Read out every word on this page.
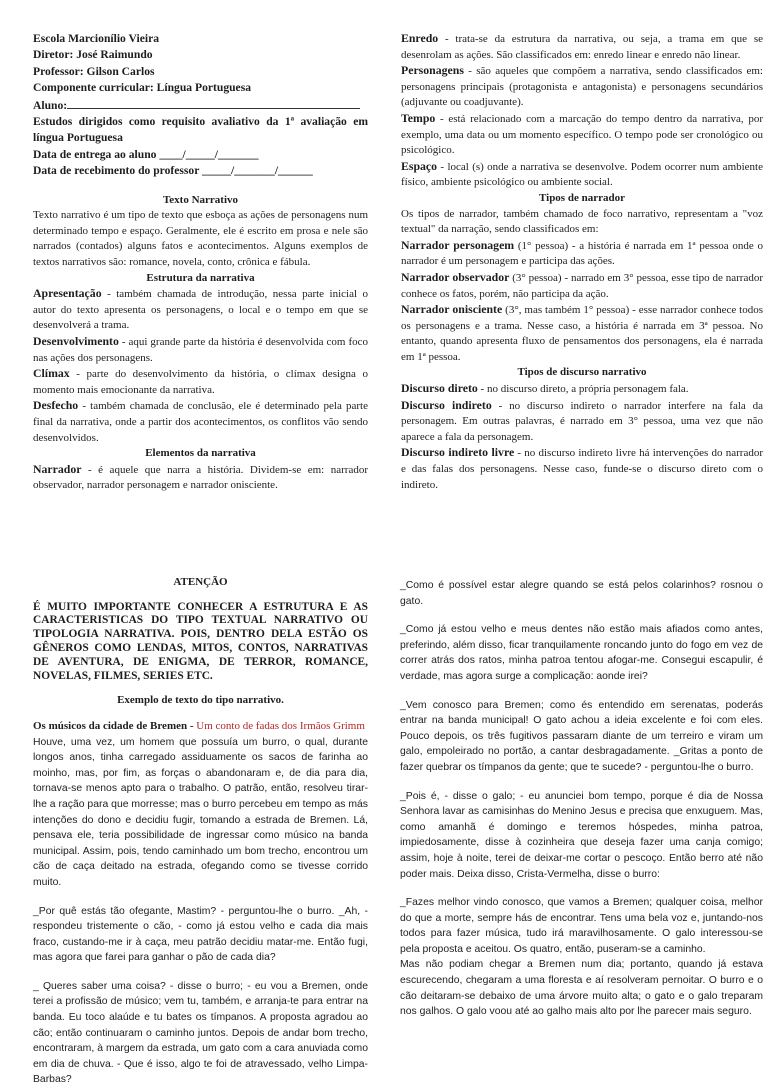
Escola Marcionílio Vieira
Diretor: José Raimundo
Professor: Gilson Carlos
Componente curricular: Língua Portuguesa
Aluno:
Estudos dirigidos como requisito avaliativo da 1ª avaliação em língua Portuguesa
Data de entrega ao aluno ____/_____/_______
Data de recebimento do professor _____/_______/______
Texto Narrativo

Texto narrativo é um tipo de texto que esboça as ações de personagens num determinado tempo e espaço. Geralmente, ele é escrito em prosa e nele são narrados (contados) alguns fatos e acontecimentos. Alguns exemplos de textos narrativos são: romance, novela, conto, crônica e fábula.

Estrutura da narrativa

Apresentação - também chamada de introdução, nessa parte inicial o autor do texto apresenta os personagens, o local e o tempo em que se desenvolverá a trama.

Desenvolvimento - aqui grande parte da história é desenvolvida com foco nas ações dos personagens.

Clímax - parte do desenvolvimento da história, o clímax designa o momento mais emocionante da narrativa.

Desfecho - também chamada de conclusão, ele é determinado pela parte final da narrativa, onde a partir dos acontecimentos, os conflitos vão sendo desenvolvidos.

Elementos da narrativa

Narrador - é aquele que narra a história. Dividem-se em: narrador observador, narrador personagem e narrador onisciente.

Enredo - trata-se da estrutura da narrativa, ou seja, a trama em que se desenrolam as ações. São classificados em: enredo linear e enredo não linear.

Personagens - são aqueles que compõem a narrativa, sendo classificados em: personagens principais (protagonista e antagonista) e personagens secundários (adjuvante ou coadjuvante).

Tempo - está relacionado com a marcação do tempo dentro da narrativa, por exemplo, uma data ou um momento específico. O tempo pode ser cronológico ou psicológico.

Espaço - local (s) onde a narrativa se desenvolve. Podem ocorrer num ambiente físico, ambiente psicológico ou ambiente social.

Tipos de narrador

Os tipos de narrador, também chamado de foco narrativo, representam a "voz textual" da narração, sendo classificados em:

Narrador personagem (1° pessoa) - a história é narrada em 1ª pessoa onde o narrador é um personagem e participa das ações.

Narrador observador (3° pessoa) - narrado em 3° pessoa, esse tipo de narrador conhece os fatos, porém, não participa da ação.

Narrador onisciente (3°, mas também 1° pessoa) - esse narrador conhece todos os personagens e a trama. Nesse caso, a história é narrada em 3ª pessoa. No entanto, quando apresenta fluxo de pensamentos dos personagens, ela é narrada em 1ª pessoa.

Tipos de discurso narrativo

Discurso direto - no discurso direto, a própria personagem fala.

Discurso indireto - no discurso indireto o narrador interfere na fala da personagem. Em outras palavras, é narrado em 3° pessoa, uma vez que não aparece a fala da personagem.

Discurso indireto livre - no discurso indireto livre há intervenções do narrador e das falas dos personagens. Nesse caso, funde-se o discurso direto com o indireto.

ATENÇÃO

É MUITO IMPORTANTE CONHECER A ESTRUTURA E AS CARACTERISTICAS DO TIPO TEXTUAL NARRATIVO OU TIPOLOGIA NARRATIVA. POIS, DENTRO DELA ESTÃO OS GÊNEROS COMO LENDAS, MITOS, CONTOS, NARRATIVAS DE AVENTURA, DE ENIGMA, DE TERROR, ROMANCE, NOVELAS, FILMES, SERIES ETC.

Exemplo de texto do tipo narrativo.

Os músicos da cidade de Bremen - Um conto de fadas dos Irmãos Grimm

Houve, uma vez, um homem que possuía um burro, o qual, durante longos anos, tinha carregado assiduamente os sacos de farinha ao moinho, mas, por fim, as forças o abandonaram e, de dia para dia, tornava-se menos apto para o trabalho. O patrão, então, resolveu tirar-lhe a ração para que morresse; mas o burro percebeu em tempo as más intenções do dono e decidiu fugir, tomando a estrada de Bremen. Lá, pensava ele, teria possibilidade de ingressar como músico na banda municipal. Assim, pois, tendo caminhado um bom trecho, encontrou um cão de caça deitado na estrada, ofegando como se tivesse corrido muito.

_Por quê estás tão ofegante, Mastim? - perguntou-lhe o burro. _Ah, - respondeu tristemente o cão, - como já estou velho e cada dia mais fraco, custando-me ir à caça, meu patrão decidiu matar-me. Então fugi, mas agora que farei para ganhar o pão de cada dia?

_ Queres saber uma coisa? - disse o burro; - eu vou a Bremen, onde terei a profissão de músico; vem tu, também, e arranja-te para entrar na banda. Eu toco alaúde e tu bates os tímpanos. A proposta agradou ao cão; então continuaram o caminho juntos. Depois de andar bom trecho, encontraram, à margem da estrada, um gato com a cara anuviada como em dia de chuva. - Que é isso, algo te foi de atravessado, velho Limpa-Barbas?

_Como é possível estar alegre quando se está pelos colarinhos? rosnou o gato.

_Como já estou velho e meus dentes não estão mais afiados como antes, preferindo, além disso, ficar tranquilamente roncando junto do fogo em vez de correr atrás dos ratos, minha patroa tentou afogar-me. Consegui escapulir, é verdade, mas agora surge a complicação: aonde irei?

_Vem conosco para Bremen; como és entendido em serenatas, poderás entrar na banda municipal! O gato achou a ideia excelente e foi com eles. Pouco depois, os três fugitivos passaram diante de um terreiro e viram um galo, empoleirado no portão, a cantar desbragadamente. _Gritas a ponto de fazer quebrar os tímpanos da gente; que te sucede? - perguntou-lhe o burro.

_Pois é, - disse o galo; - eu anunciei bom tempo, porque é dia de Nossa Senhora lavar as camisinhas do Menino Jesus e precisa que enxuguem. Mas, como amanhã é domingo e teremos hóspedes, minha patroa, impiedosamente, disse à cozinheira que deseja fazer uma canja comigo; assim, hoje à noite, terei de deixar-me cortar o pescoço. Então berro até não poder mais. Deixa disso, Crista-Vermelha, disse o burro:

_Fazes melhor vindo conosco, que vamos a Bremen; qualquer coisa, melhor do que a morte, sempre hás de encontrar. Tens uma bela voz e, juntando-nos todos para fazer música, tudo irá maravilhosamente. O galo interessou-se pela proposta e aceitou. Os quatro, então, puseram-se a caminho.

Mas não podiam chegar a Bremen num dia; portanto, quando já estava escurecendo, chegaram a uma floresta e aí resolveram pernoitar. O burro e o cão deitaram-se debaixo de uma árvore muito alta; o gato e o galo treparam nos galhos. O galo voou até ao galho mais alto por lhe parecer mais seguro.
